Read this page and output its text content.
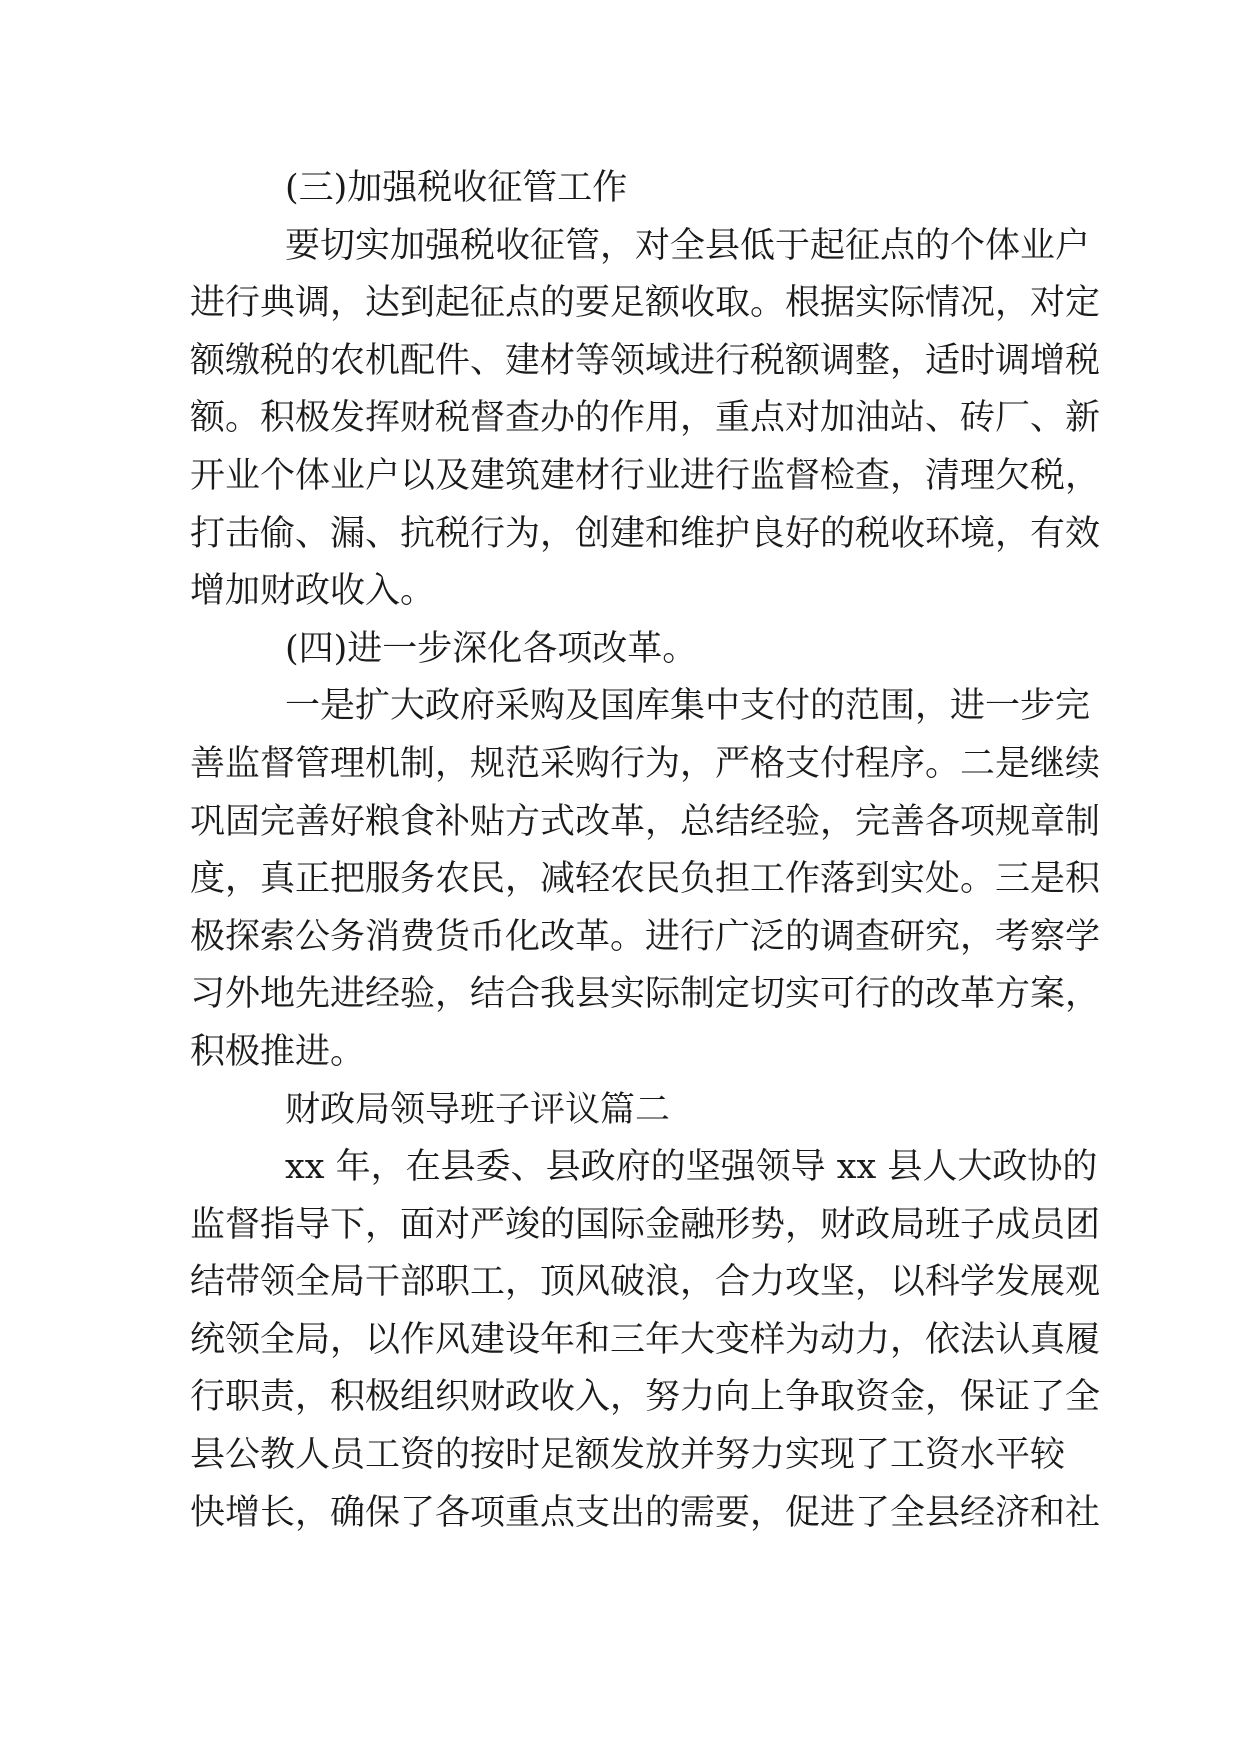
(三)加强税收征管工作
要切实加强税收征管，对全县低于起征点的个体业户
进行典调，达到起征点的要足额收取。根据实际情况，对定
额缴税的农机配件、建材等领域进行税额调整，适时调增税
额。积极发挥财税督查办的作用，重点对加油站、砖厂、新
开业个体业户以及建筑建材行业进行监督检查，清理欠税，
打击偷、漏、抗税行为，创建和维护良好的税收环境，有效
增加财政收入。
(四)进一步深化各项改革。
一是扩大政府采购及国库集中支付的范围，进一步完
善监督管理机制，规范采购行为，严格支付程序。二是继续
巩固完善好粮食补贴方式改革，总结经验，完善各项规章制
度，真正把服务农民，减轻农民负担工作落到实处。三是积
极探索公务消费货币化改革。进行广泛的调查研究，考察学
习外地先进经验，结合我县实际制定切实可行的改革方案，
积极推进。
财政局领导班子评议篇二
xx 年，在县委、县政府的坚强领导 xx 县人大政协的
监督指导下，面对严竣的国际金融形势，财政局班子成员团
结带领全局干部职工，顶风破浪，合力攻坚，以科学发展观
统领全局，以作风建设年和三年大变样为动力，依法认真履
行职责，积极组织财政收入，努力向上争取资金，保证了全
县公教人员工资的按时足额发放并努力实现了工资水平较
快增长，确保了各项重点支出的需要，促进了全县经济和社
